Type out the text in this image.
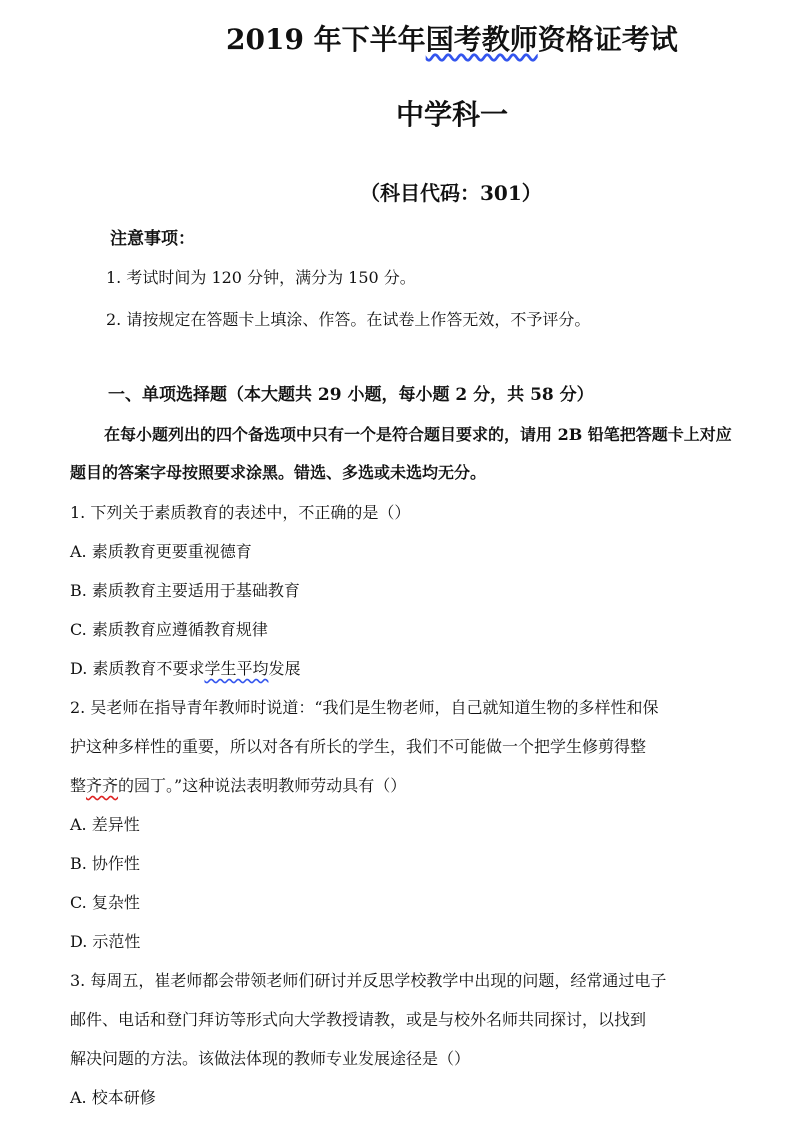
2019 年下半年国考教师资格证考试
中学科一
（科目代码：301）
注意事项：
1. 考试时间为 120 分钟，满分为 150 分。
2. 请按规定在答题卡上填涂、作答。在试卷上作答无效，不予评分。
一、单项选择题（本大题共 29 小题，每小题 2 分，共 58 分）
在每小题列出的四个备选项中只有一个是符合题目要求的，请用 2B 铅笔把答题卡上对应
题目的答案字母按照要求涂黑。错选、多选或未选均无分。
1. 下列关于素质教育的表述中，不正确的是（）
A. 素质教育更要重视德育
B. 素质教育主要适用于基础教育
C. 素质教育应遵循教育规律
D. 素质教育不要求学生平均发展
2. 吴老师在指导青年教师时说道：“我们是生物老师，自己就知道生物的多样性和保
护这种多样性的重要，所以对各有所长的学生，我们不可能做一个把学生修剪得整
整齐齐的园丁。”这种说法表明教师劳动具有（）
A. 差异性
B. 协作性
C. 复杂性
D. 示范性
3. 每周五，崔老师都会带领老师们研讨并反思学校教学中出现的问题，经常通过电子
邮件、电话和登门拜访等形式向大学教授请教，或是与校外名师共同探讨，以找到
解决问题的方法。该做法体现的教师专业发展途径是（）
A. 校本研修
